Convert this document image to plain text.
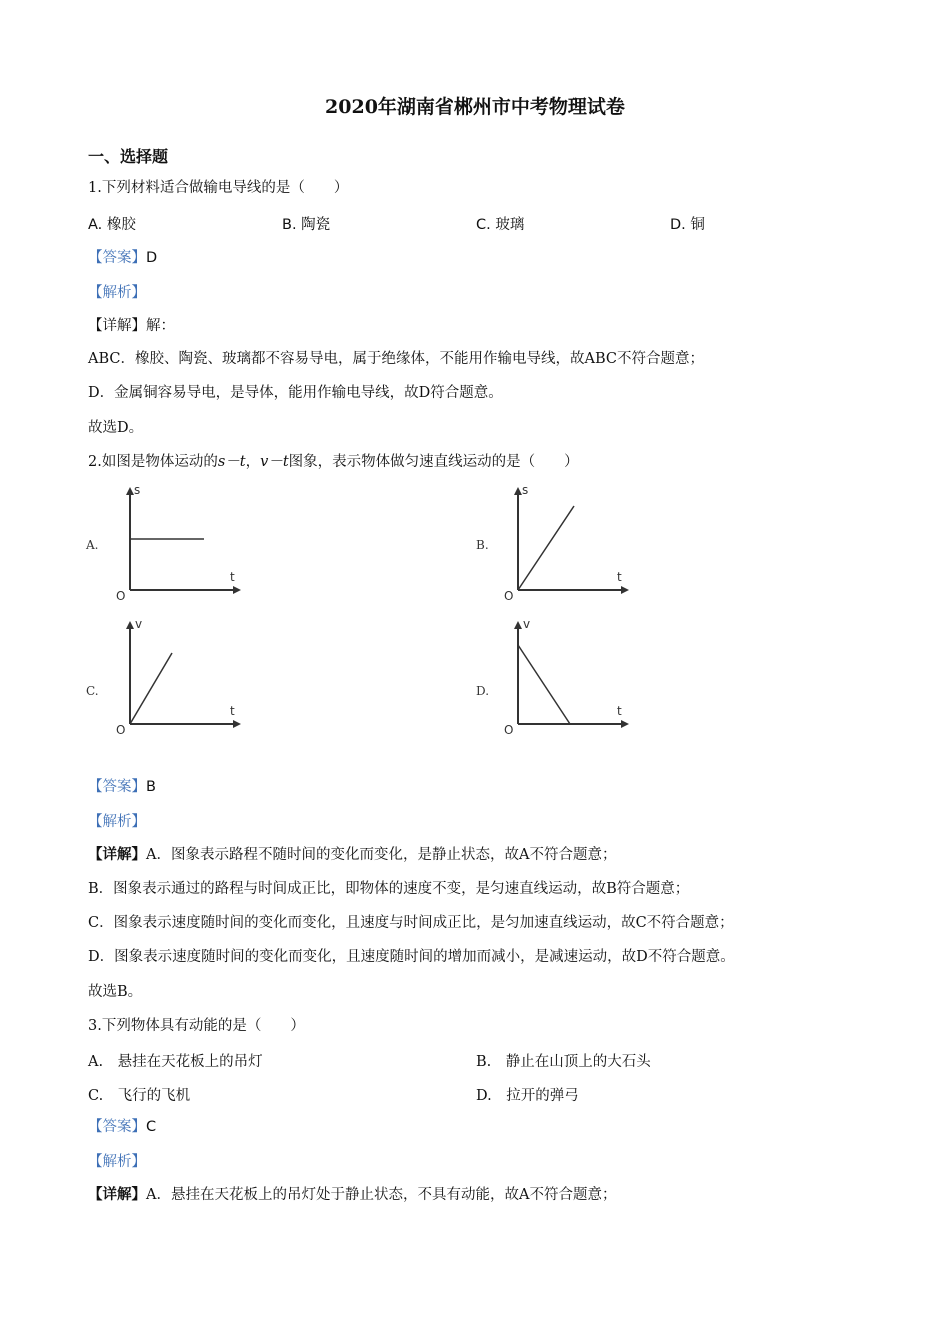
2020年湖南省郴州市中考物理试卷
一、选择题
1.下列材料适合做输电导线的是（　　）
A. 橡胶	B. 陶瓷	C. 玻璃	D. 铜
【答案】D
【解析】
【详解】解：
ABC．橡胶、陶瓷、玻璃都不容易导电，属于绝缘体，不能用作输电导线，故ABC不符合题意；
D．金属铜容易导电，是导体，能用作输电导线，故D符合题意。
故选D。
2.如图是物体运动的s－t，v－t图象，表示物体做匀速直线运动的是（　　）
A.
s
t
O
B.
s
t
O
C.
v
t
O
D.
v
t
O
【答案】B
【解析】
【详解】A．图象表示路程不随时间的变化而变化，是静止状态，故A不符合题意；
B．图象表示通过的路程与时间成正比，即物体的速度不变，是匀速直线运动，故B符合题意；
C．图象表示速度随时间的变化而变化，且速度与时间成正比，是匀加速直线运动，故C不符合题意；
D．图象表示速度随时间的变化而变化，且速度随时间的增加而减小，是减速运动，故D不符合题意。
故选B。
3.下列物体具有动能的是（　　）
A.　悬挂在天花板上的吊灯	B.　静止在山顶上的大石头
C.　飞行的飞机	D.　拉开的弹弓
【答案】C
【解析】
【详解】A．悬挂在天花板上的吊灯处于静止状态，不具有动能，故A不符合题意；
